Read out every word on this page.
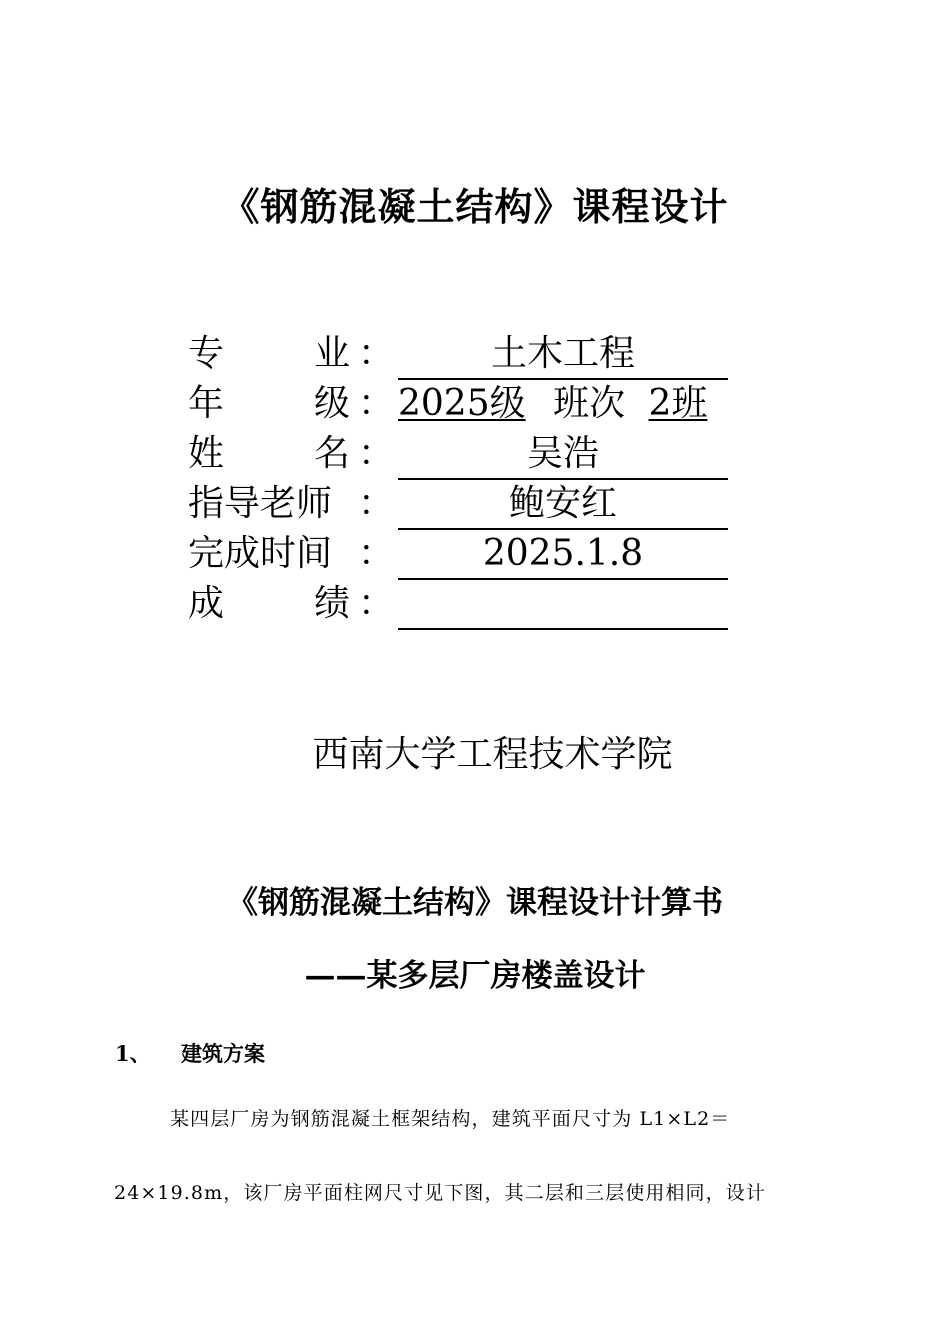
《钢筋混凝土结构》课程设计
专 业 ：	土木工程
年 级 ： 2025级 班次 2班
姓 名 ：	吴浩
指导老师 ：	鲍安红
完成时间 ：	2025.1.8
成 绩 ：
西南大学工程技术学院
《钢筋混凝土结构》课程设计计算书
——某多层厂房楼盖设计
1、 建筑方案
某四层厂房为钢筋混凝土框架结构，建筑平面尺寸为 L1×L2＝
24×19.8m，该厂房平面柱网尺寸见下图，其二层和三层使用相同，设计
